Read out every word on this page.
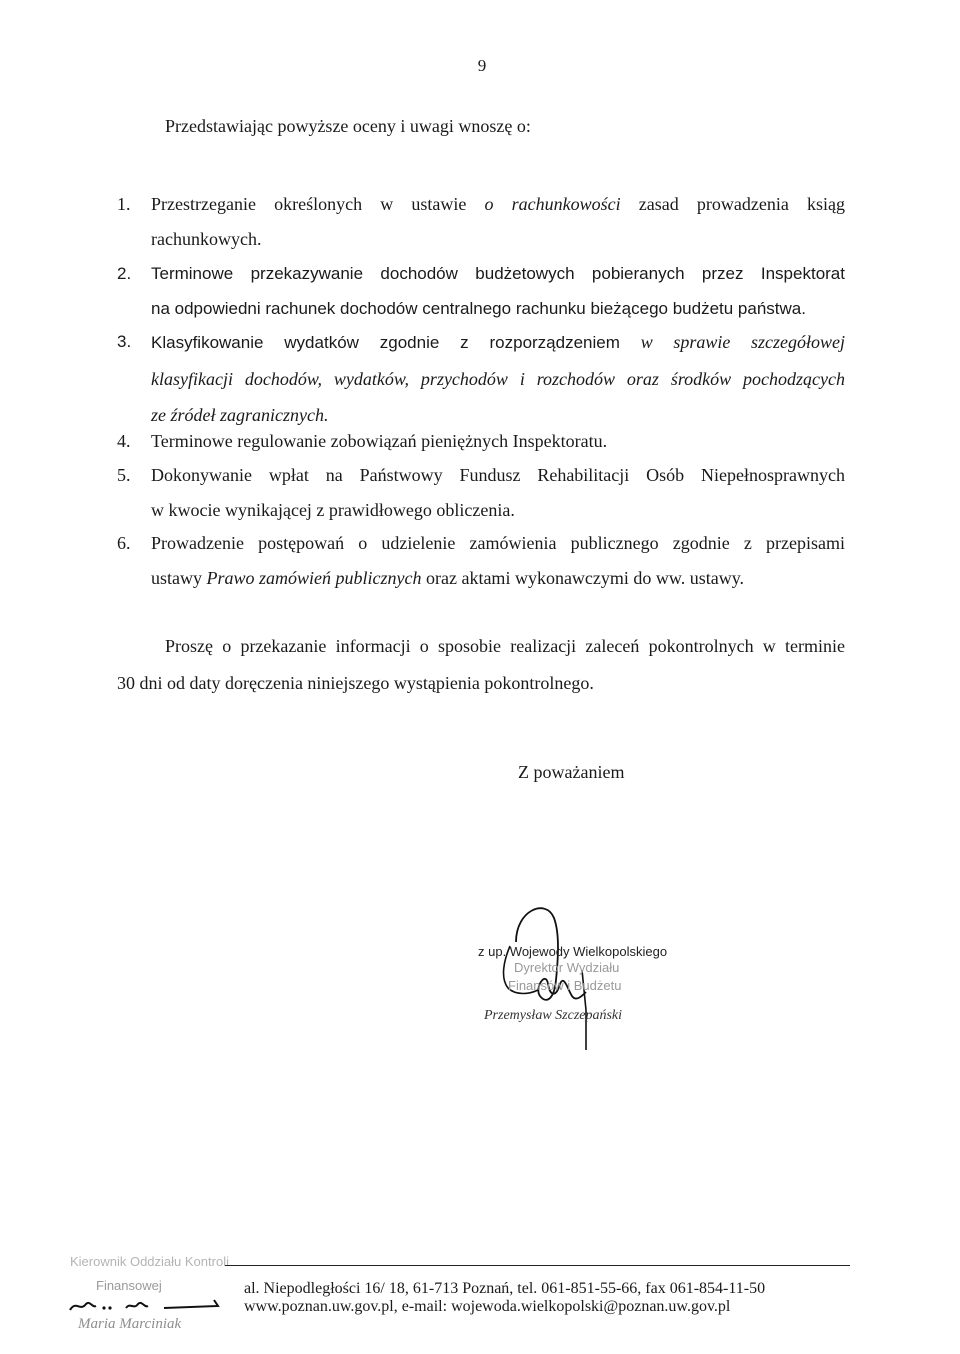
9
Przedstawiając powyższe oceny i uwagi wnoszę o:
1. Przestrzeganie określonych w ustawie o rachunkowości zasad prowadzenia ksiąg
rachunkowych.
2. Terminowe przekazywanie dochodów budżetowych pobieranych przez Inspektorat
na odpowiedni rachunek dochodów centralnego rachunku bieżącego budżetu państwa.
3. Klasyfikowanie wydatków zgodnie z rozporządzeniem w sprawie szczegółowej
klasyfikacji dochodów, wydatków, przychodów i rozchodów oraz środków pochodzących
ze źródeł zagranicznych.
4. Terminowe regulowanie zobowiązań pieniężnych Inspektoratu.
5. Dokonywanie wpłat na Państwowy Fundusz Rehabilitacji Osób Niepełnosprawnych
w kwocie wynikającej z prawidłowego obliczenia.
6. Prowadzenie postępowań o udzielenie zamówienia publicznego zgodnie z przepisami
ustawy Prawo zamówień publicznych oraz aktami wykonawczymi do ww. ustawy.
Proszę o przekazanie informacji o sposobie realizacji zaleceń pokontrolnych w terminie
30 dni od daty doręczenia niniejszego wystąpienia pokontrolnego.
Z poważaniem
z up. Wojewody Wielkopolskiego
Dyrektor Wydziału
Finansów i Budżetu
Przemysław Szczepański
Kierownik Oddziału Kontroli
Finansowej
Maria Marciniak
al. Niepodległości 16/ 18, 61-713 Poznań, tel. 061-851-55-66, fax 061-854-11-50
www.poznan.uw.gov.pl, e-mail: wojewoda.wielkopolski@poznan.uw.gov.pl
